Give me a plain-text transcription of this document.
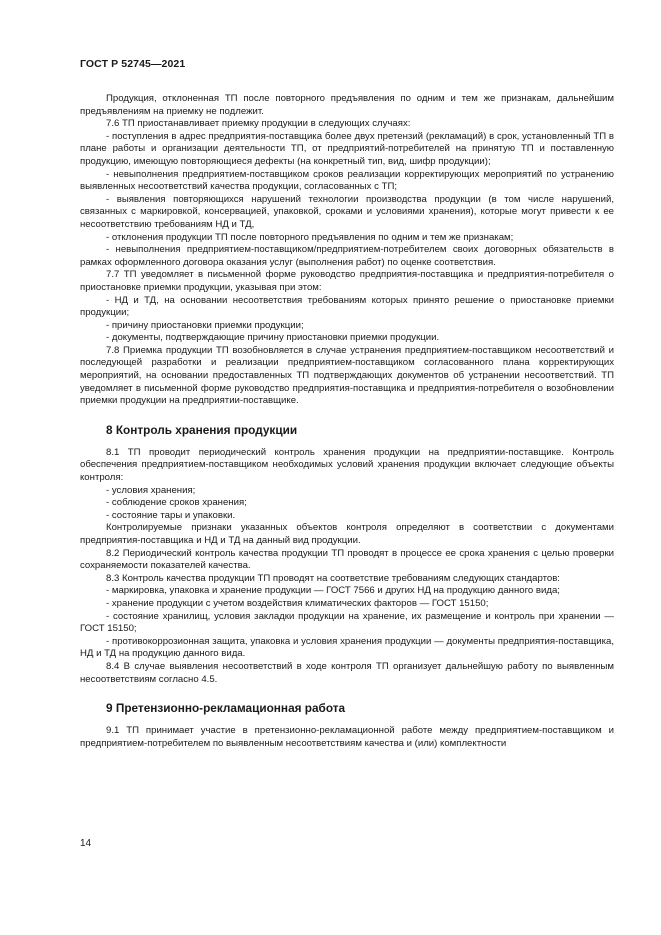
ГОСТ Р 52745—2021

Продукция, отклоненная ТП после повторного предъявления по одним и тем же признакам, дальнейшим предъявлениям на приемку не подлежит.

7.6 ТП приостанавливает приемку продукции в следующих случаях:

- поступления в адрес предприятия-поставщика более двух претензий (рекламаций) в срок, установленный ТП в плане работы и организации деятельности ТП, от предприятий-потребителей на принятую ТП и поставленную продукцию, имеющую повторяющиеся дефекты (на конкретный тип, вид, шифр продукции);

- невыполнения предприятием-поставщиком сроков реализации корректирующих мероприятий по устранению выявленных несоответствий качества продукции, согласованных с ТП;

- выявления повторяющихся нарушений технологии производства продукции (в том числе нарушений, связанных с маркировкой, консервацией, упаковкой, сроками и условиями хранения), которые могут привести к ее несоответствию требованиям НД и ТД,

- отклонения продукции ТП после повторного предъявления по одним и тем же признакам;

- невыполнения предприятием-поставщиком/предприятием-потребителем своих договорных обязательств в рамках оформленного договора оказания услуг (выполнения работ) по оценке соответствия.

7.7 ТП уведомляет в письменной форме руководство предприятия-поставщика и предприятия-потребителя о приостановке приемки продукции, указывая при этом:

- НД и ТД, на основании несоответствия требованиям которых принято решение о приостановке приемки продукции;

- причину приостановки приемки продукции;

- документы, подтверждающие причину приостановки приемки продукции.

7.8 Приемка продукции ТП возобновляется в случае устранения предприятием-поставщиком несоответствий и последующей разработки и реализации предприятием-поставщиком согласованного плана корректирующих мероприятий, на основании предоставленных ТП подтверждающих документов об устранении несоответствий. ТП уведомляет в письменной форме руководство предприятия-поставщика и предприятия-потребителя о возобновлении приемки продукции на предприятии-поставщике.

8 Контроль хранения продукции

8.1 ТП проводит периодический контроль хранения продукции на предприятии-поставщике. Контроль обеспечения предприятием-поставщиком необходимых условий хранения продукции включает следующие объекты контроля:

- условия хранения;

- соблюдение сроков хранения;

- состояние тары и упаковки.

Контролируемые признаки указанных объектов контроля определяют в соответствии с документами предприятия-поставщика и НД и ТД на данный вид продукции.

8.2 Периодический контроль качества продукции ТП проводят в процессе ее срока хранения с целью проверки сохраняемости показателей качества.

8.3 Контроль качества продукции ТП проводят на соответствие требованиям следующих стандартов:

- маркировка, упаковка и хранение продукции — ГОСТ 7566 и других НД на продукцию данного вида;

- хранение продукции с учетом воздействия климатических факторов — ГОСТ 15150;

- состояние хранилищ, условия закладки продукции на хранение, их размещение и контроль при хранении — ГОСТ 15150;

- противокоррозионная защита, упаковка и условия хранения продукции — документы предприятия-поставщика, НД и ТД на продукцию данного вида.

8.4 В случае выявления несоответствий в ходе контроля ТП организует дальнейшую работу по выявленным несоответствиям согласно 4.5.

9 Претензионно-рекламационная работа

9.1 ТП принимает участие в претензионно-рекламационной работе между предприятием-поставщиком и предприятием-потребителем по выявленным несоответствиям качества и (или) комплектности

14
